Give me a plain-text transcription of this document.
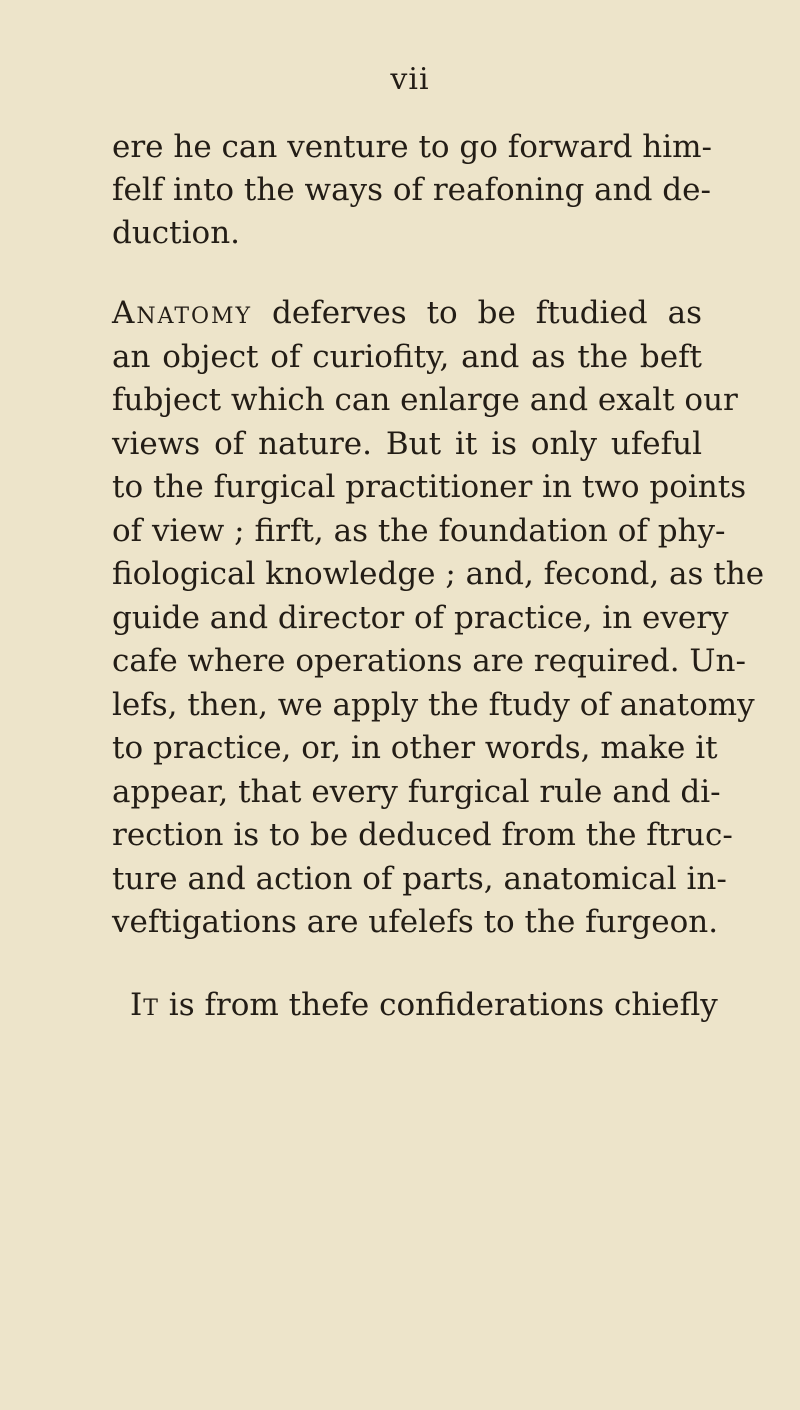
vii
ere he can venture to go forward him-
felf into the ways of reafoning and de-
duction.
Anatomy deferves to be ftudied as
an object of curiofity, and as the beft
fubject which can enlarge and exalt our
views of nature. But it is only ufeful
to the furgical practitioner in two points
of view ; firft, as the foundation of phy-
fiological knowledge ; and, fecond, as the
guide and director of practice, in every
cafe where operations are required. Un-
lefs, then, we apply the ftudy of anatomy
to practice, or, in other words, make it
appear, that every furgical rule and di-
rection is to be deduced from the ftruc-
ture and action of parts, anatomical in-
veftigations are ufelefs to the furgeon.
It is from thefe confiderations chiefly
